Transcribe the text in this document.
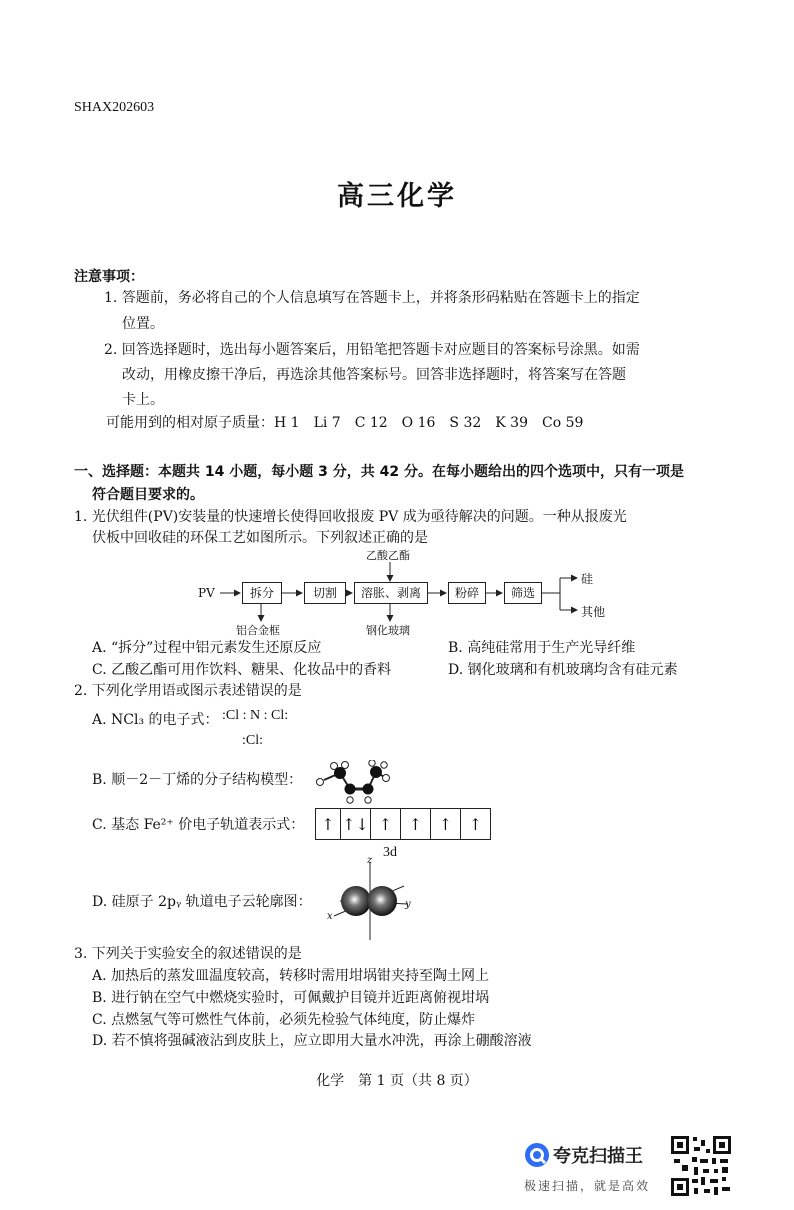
SHAX202603
高三化学
注意事项：
1. 答题前，务必将自己的个人信息填写在答题卡上，并将条形码粘贴在答题卡上的指定
位置。
2. 回答选择题时，选出每小题答案后，用铅笔把答题卡对应题目的答案标号涂黑。如需
改动，用橡皮擦干净后，再选涂其他答案标号。回答非选择题时，将答案写在答题
卡上。
可能用到的相对原子质量：H 1　Li 7　C 12　O 16　S 32　K 39　Co 59
一、选择题：本题共 14 小题，每小题 3 分，共 42 分。在每小题给出的四个选项中，只有一项是
符合题目要求的。
1. 光伏组件(PV)安装量的快速增长使得回收报废 PV 成为亟待解决的问题。一种从报废光
伏板中回收硅的环保工艺如图所示。下列叙述正确的是
PV	拆分	切割	溶胀、剥离	粉碎	筛选
乙酸乙酯
铝合金框	钢化玻璃
硅
其他
A. “拆分”过程中铝元素发生还原反应	B. 高纯硅常用于生产光导纤维
C. 乙酸乙酯可用作饮料、糖果、化妆品中的香料	D. 钢化玻璃和有机玻璃均含有硅元素
2. 下列化学用语或图示表述错误的是
A. NCl₃ 的电子式： :Cl : N : Cl:
:Cl:
B. 顺－2－丁烯的分子结构模型：
C. 基态 Fe²⁺ 价电子轨道表示式： ↑	↑↓	↑	↑	↑	↑
3d
D. 硅原子 2pᵧ 轨道电子云轮廓图：
z
x
y
3. 下列关于实验安全的叙述错误的是
A. 加热后的蒸发皿温度较高，转移时需用坩埚钳夹持至陶土网上
B. 进行钠在空气中燃烧实验时，可佩戴护目镜并近距离俯视坩埚
C. 点燃氢气等可燃性气体前，必须先检验气体纯度，防止爆炸
D. 若不慎将强碱液沾到皮肤上，应立即用大量水冲洗，再涂上硼酸溶液
化学　第 1 页（共 8 页）
夸克扫描王
极速扫描，就是高效
